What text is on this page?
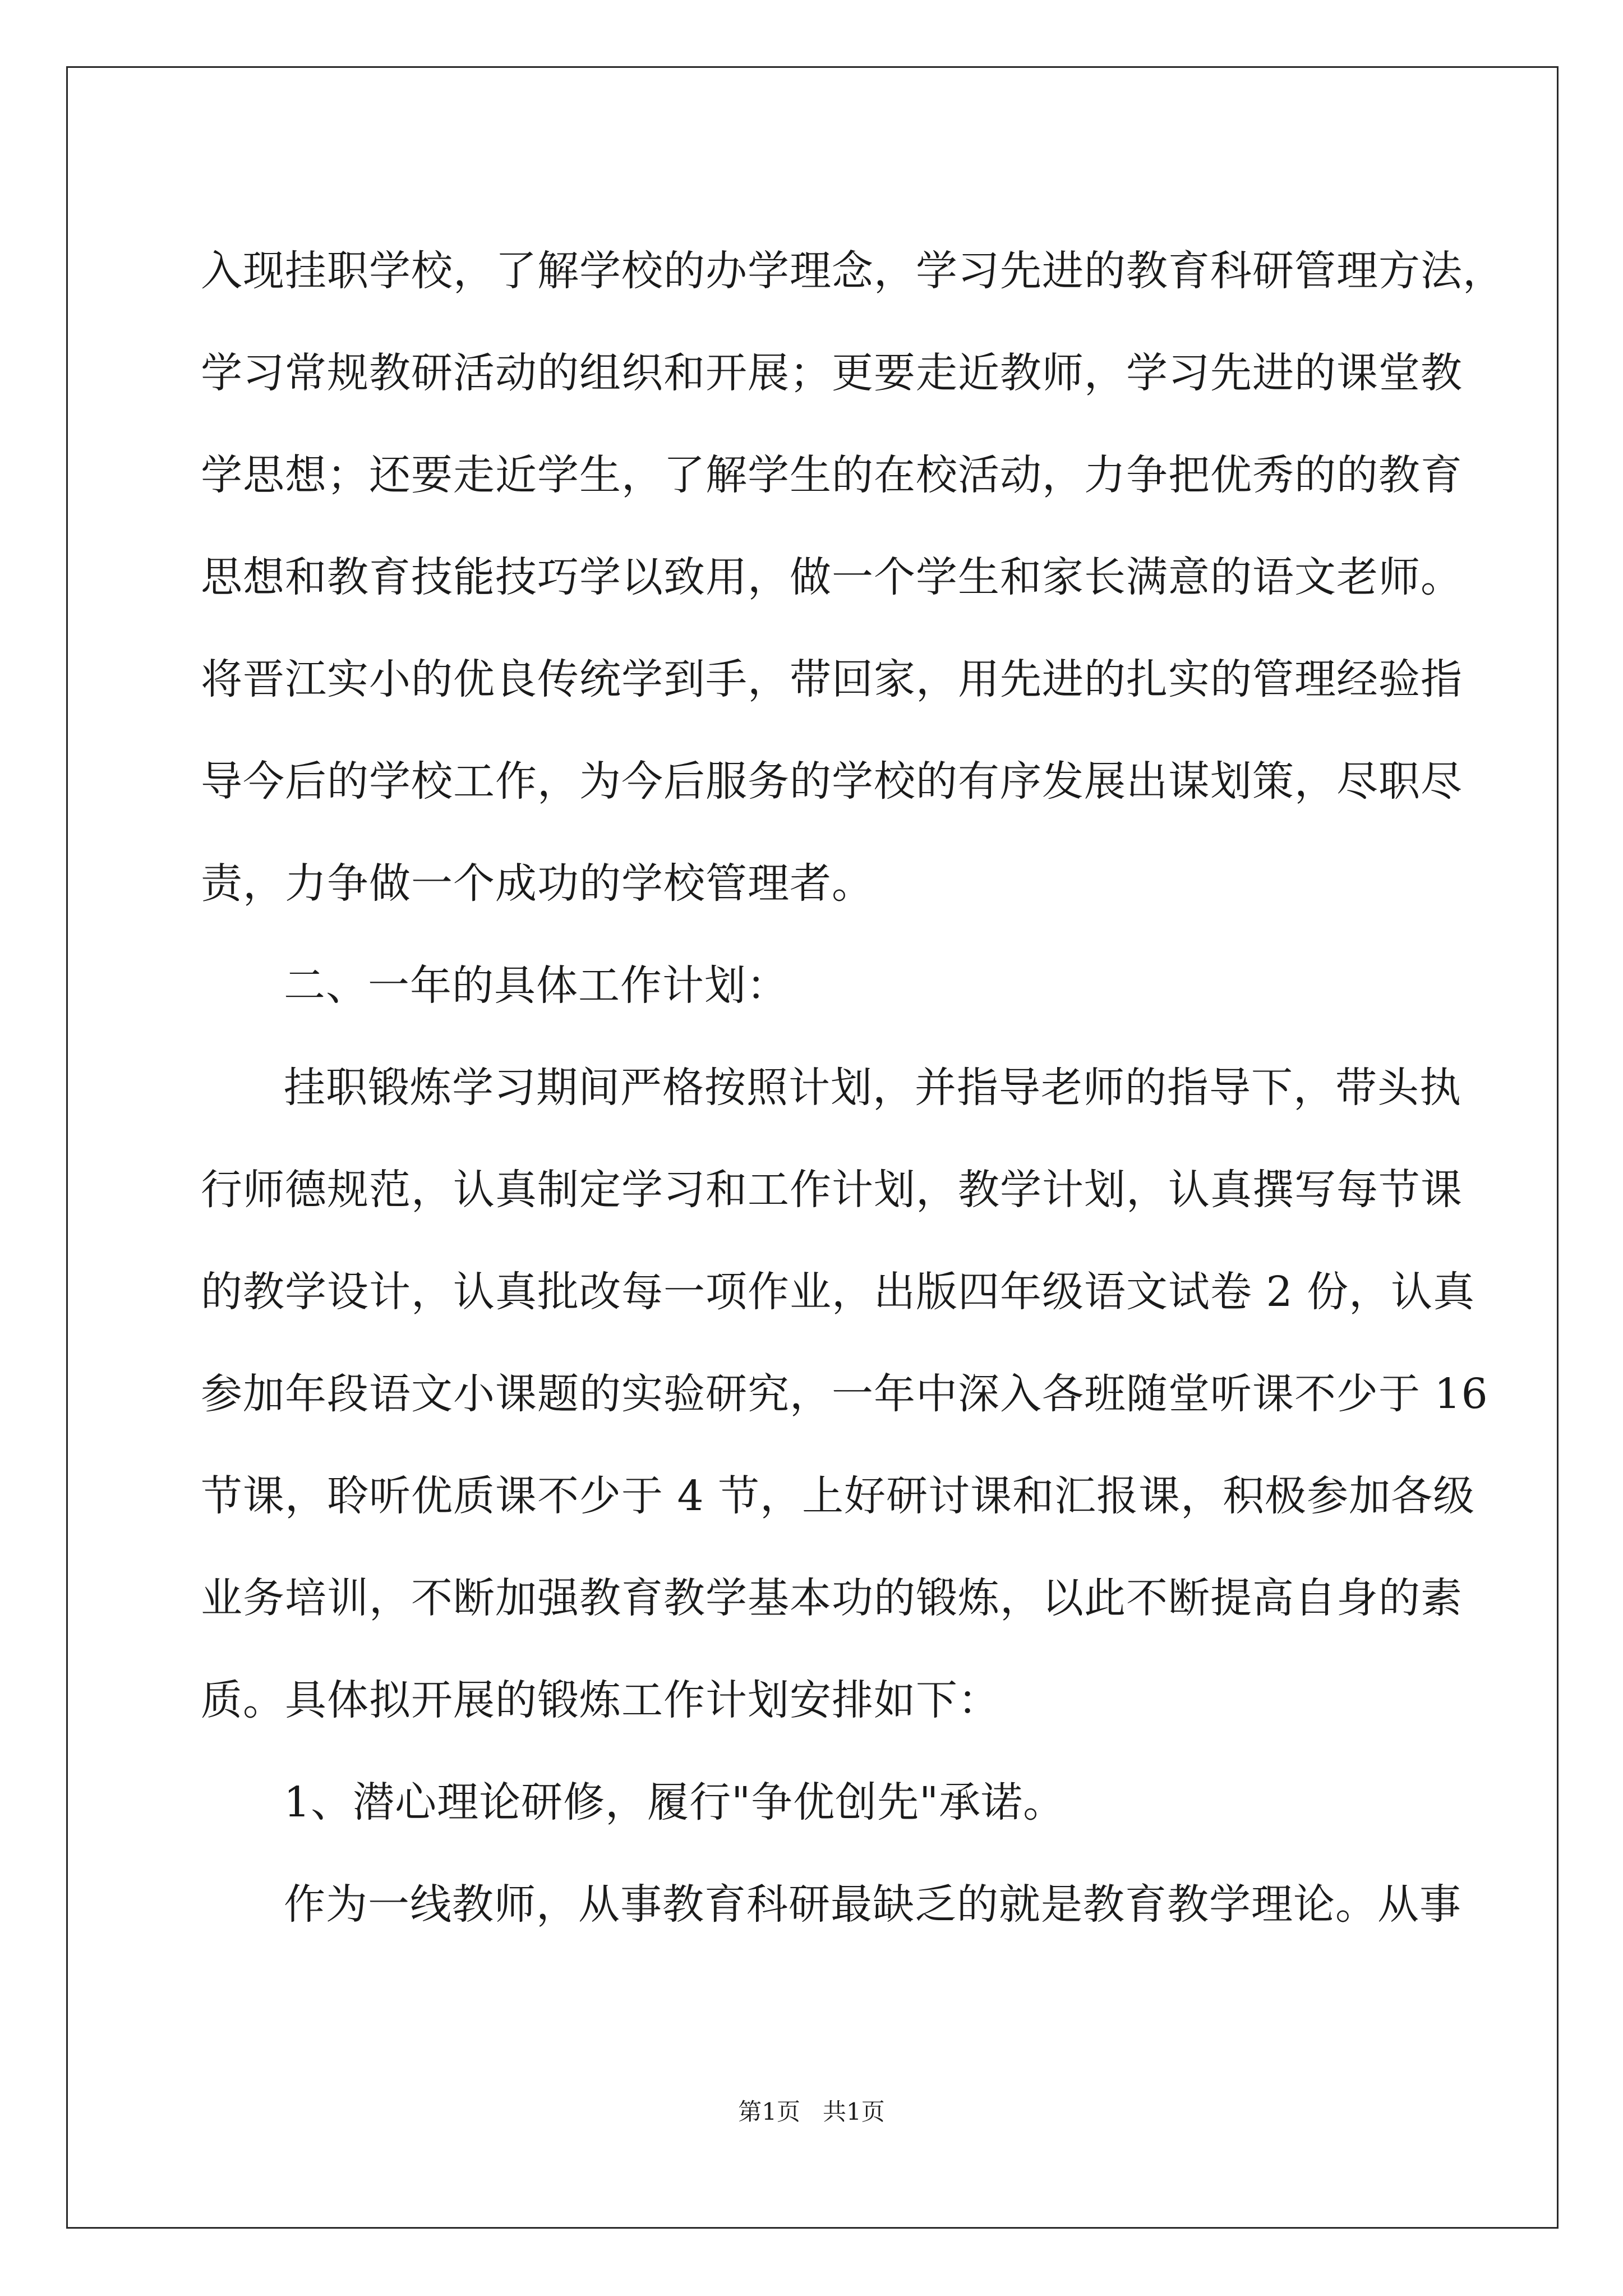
入现挂职学校，了解学校的办学理念，学习先进的教育科研管理方法，
学习常规教研活动的组织和开展；更要走近教师，学习先进的课堂教
学思想；还要走近学生，了解学生的在校活动，力争把优秀的的教育
思想和教育技能技巧学以致用，做一个学生和家长满意的语文老师。
将晋江实小的优良传统学到手，带回家，用先进的扎实的管理经验指
导今后的学校工作，为今后服务的学校的有序发展出谋划策，尽职尽
责，力争做一个成功的学校管理者。
二、一年的具体工作计划：
挂职锻炼学习期间严格按照计划，并指导老师的指导下，带头执
行师德规范，认真制定学习和工作计划，教学计划，认真撰写每节课
的教学设计，认真批改每一项作业，出版四年级语文试卷 2 份，认真
参加年段语文小课题的实验研究，一年中深入各班随堂听课不少于 16
节课，聆听优质课不少于 4 节，上好研讨课和汇报课，积极参加各级
业务培训，不断加强教育教学基本功的锻炼，以此不断提高自身的素
质。具体拟开展的锻炼工作计划安排如下：
1、潜心理论研修，履行"争优创先"承诺。
作为一线教师，从事教育科研最缺乏的就是教育教学理论。从事
第1页   共1页
